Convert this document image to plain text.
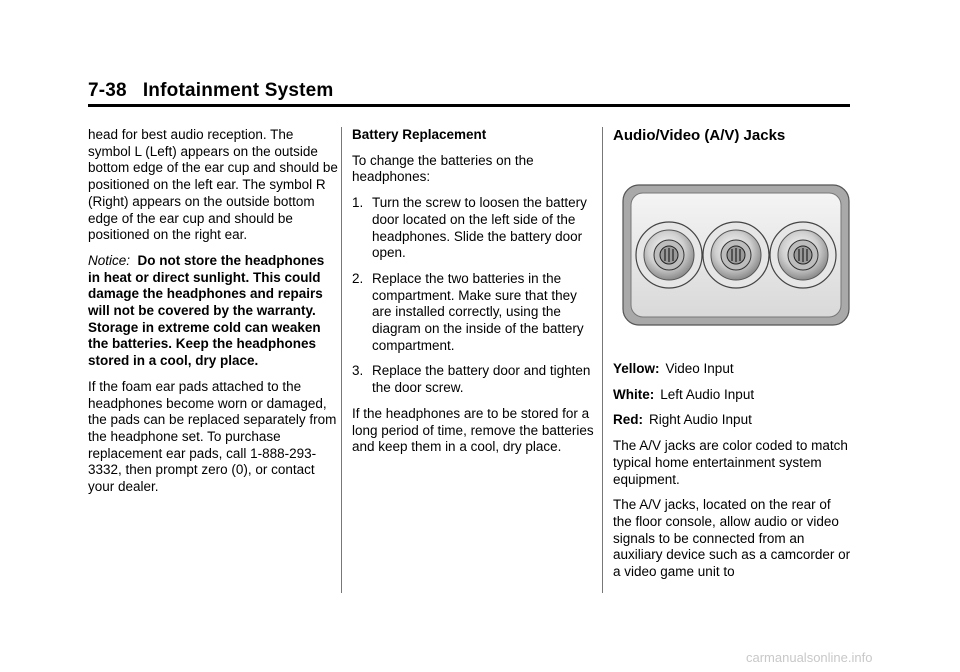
7-38 Infotainment System

head for best audio reception. The symbol L (Left) appears on the outside bottom edge of the ear cup and should be positioned on the left ear. The symbol R (Right) appears on the outside bottom edge of the ear cup and should be positioned on the right ear.

Notice: Do not store the headphones in heat or direct sunlight. This could damage the headphones and repairs will not be covered by the warranty. Storage in extreme cold can weaken the batteries. Keep the headphones stored in a cool, dry place.

If the foam ear pads attached to the headphones become worn or damaged, the pads can be replaced separately from the headphone set. To purchase replacement ear pads, call 1-888-293-3332, then prompt zero (0), or contact your dealer.

Battery Replacement

To change the batteries on the headphones:

1. Turn the screw to loosen the battery door located on the left side of the headphones. Slide the battery door open.
2. Replace the two batteries in the compartment. Make sure that they are installed correctly, using the diagram on the inside of the battery compartment.
3. Replace the battery door and tighten the door screw.

If the headphones are to be stored for a long period of time, remove the batteries and keep them in a cool, dry place.

Audio/Video (A/V) Jacks

Yellow: Video Input

White: Left Audio Input

Red: Right Audio Input

The A/V jacks are color coded to match typical home entertainment system equipment.

The A/V jacks, located on the rear of the floor console, allow audio or video signals to be connected from an auxiliary device such as a camcorder or a video game unit to

carmanualsonline.info
